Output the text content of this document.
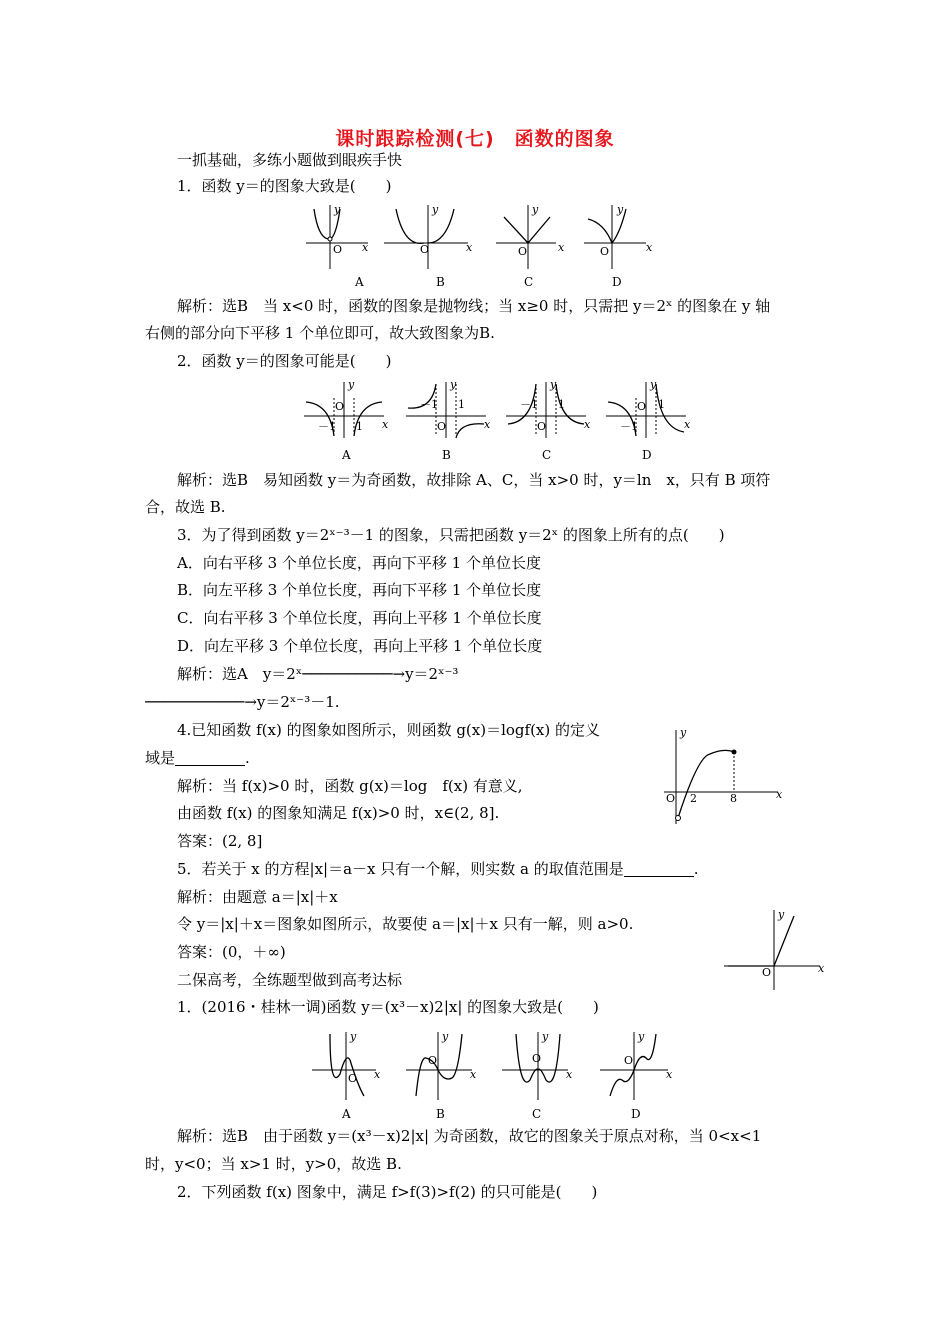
课时跟踪检测(七)　函数的图象
一抓基础，多练小题做到眼疾手快
1．函数 y＝的图象大致是(　　)
O x
y
O	x
y
O	x
y
O	x
y
A	B	C	D
解析：选B　当 x<0 时，函数的图象是抛物线；当 x≥0 时，只需把 y＝2ˣ 的图象在 y 轴
右侧的部分向下平移 1 个单位即可，故大致图象为B.
2．函数 y＝的图象可能是(　　)
O
－1 1 x
y
O
－1 1
x
y
O
－1 1
x
y
O
－1
1
x
y
A	B	C	D
解析：选B　易知函数 y＝为奇函数，故排除 A、C，当 x>0 时，y＝ln　x，只有 B 项符
合，故选 B.
3．为了得到函数 y＝2ˣ⁻³－1 的图象，只需把函数 y＝2ˣ 的图象上所有的点(　　)
A．向右平移 3 个单位长度，再向下平移 1 个单位长度
B．向左平移 3 个单位长度，再向下平移 1 个单位长度
C．向右平移 3 个单位长度，再向上平移 1 个单位长度
D．向左平移 3 个单位长度，再向上平移 1 个单位长度
解析：选A　y＝2ˣ──────────→y＝2ˣ⁻³
───────────→y＝2ˣ⁻³－1.
4.已知函数 f(x) 的图象如图所示，则函数 g(x)＝logf(x) 的定义
域是	.
解析：当 f(x)>0 时，函数 g(x)＝log　f(x) 有意义,
由函数 f(x) 的图象知满足 f(x)>0 时，x∈(2, 8].
答案：(2, 8]
O 2	8	x
y
5．若关于 x 的方程|x|＝a－x 只有一个解，则实数 a 的取值范围是	.
解析：由题意 a＝|x|＋x
令 y＝|x|＋x＝图象如图所示，故要使 a＝|x|＋x 只有一解，则 a>0.
答案：(0，＋∞)
O	x
y
二保高考，全练题型做到高考达标
1．(2016・桂林一调)函数 y＝(x³－x)2|x| 的图象大致是(　　)
O x
y
O
x
y
O
x
y
O
x
y
A	B	C	D
解析：选B　由于函数 y＝(x³－x)2|x| 为奇函数，故它的图象关于原点对称，当 0<x<1
时，y<0；当 x>1 时，y>0，故选 B.
2．下列函数 f(x) 图象中，满足 f>f(3)>f(2) 的只可能是(　　)
